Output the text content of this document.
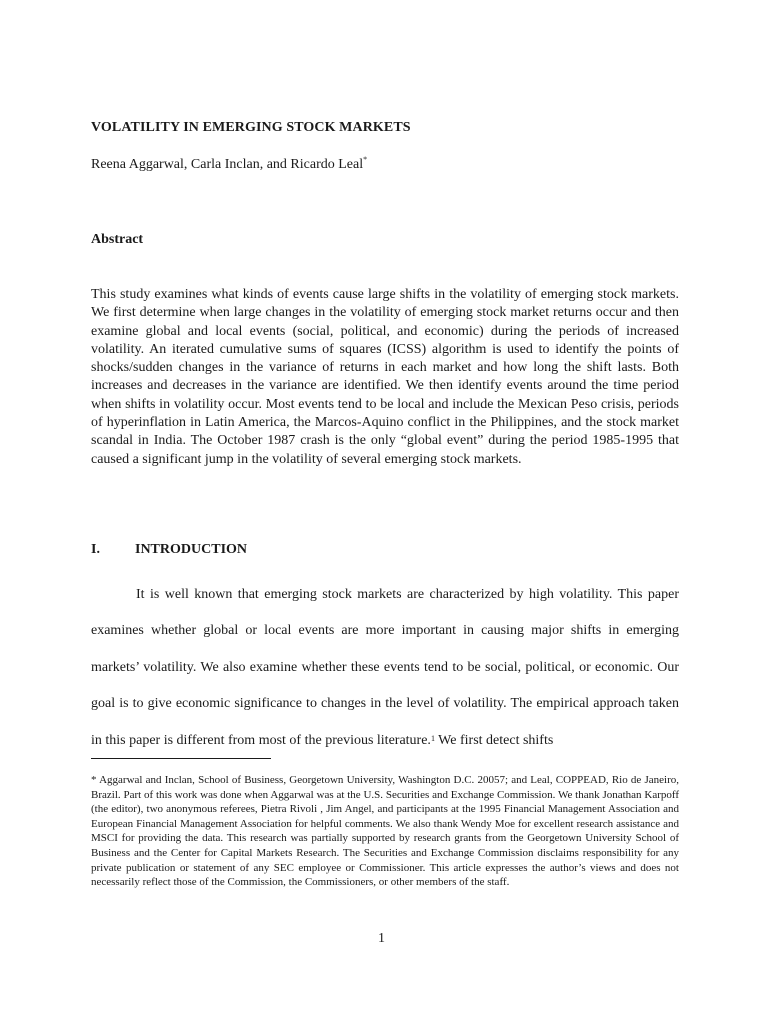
VOLATILITY IN EMERGING STOCK MARKETS
Reena Aggarwal, Carla Inclan, and Ricardo Leal*
Abstract
This study examines what kinds of events cause large shifts in the volatility of emerging stock markets. We first determine when large changes in the volatility of emerging stock market returns occur and then examine global and local events (social, political, and economic) during the periods of increased volatility. An iterated cumulative sums of squares (ICSS) algorithm is used to identify the points of shocks/sudden changes in the variance of returns in each market and how long the shift lasts. Both increases and decreases in the variance are identified. We then identify events around the time period when shifts in volatility occur. Most events tend to be local and include the Mexican Peso crisis, periods of hyperinflation in Latin America, the Marcos-Aquino conflict in the Philippines, and the stock market scandal in India. The October 1987 crash is the only “global event” during the period 1985-1995 that caused a significant jump in the volatility of several emerging stock markets.
I.	INTRODUCTION
It is well known that emerging stock markets are characterized by high volatility. This paper examines whether global or local events are more important in causing major shifts in emerging markets’ volatility. We also examine whether these events tend to be social, political, or economic. Our goal is to give economic significance to changes in the level of volatility. The empirical approach taken in this paper is different from most of the previous literature.$^1$ We first detect shifts
* Aggarwal and Inclan, School of Business, Georgetown University, Washington D.C. 20057; and Leal, COPPEAD, Rio de Janeiro, Brazil. Part of this work was done when Aggarwal was at the U.S. Securities and Exchange Commission. We thank Jonathan Karpoff (the editor), two anonymous referees, Pietra Rivoli , Jim Angel, and participants at the 1995 Financial Management Association and European Financial Management Association for helpful comments. We also thank Wendy Moe for excellent research assistance and MSCI for providing the data. This research was partially supported by research grants from the Georgetown University School of Business and the Center for Capital Markets Research. The Securities and Exchange Commission disclaims responsibility for any private publication or statement of any SEC employee or Commissioner. This article expresses the author’s views and does not necessarily reflect those of the Commission, the Commissioners, or other members of the staff.
1
